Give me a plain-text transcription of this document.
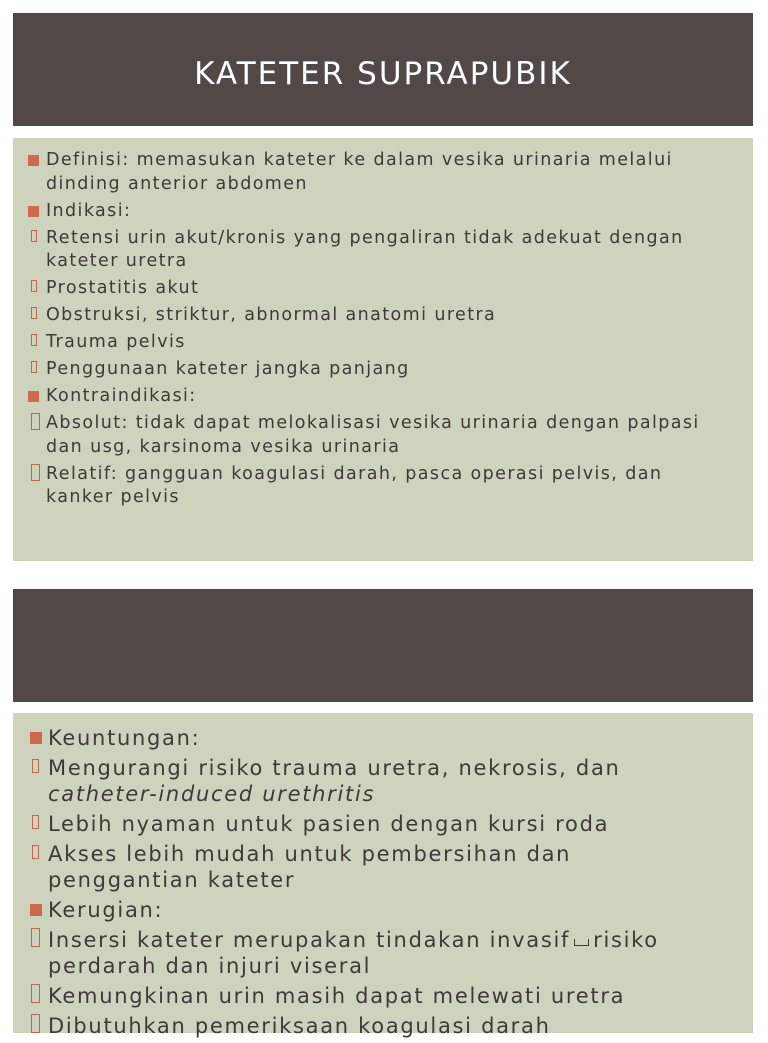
KATETER SUPRAPUBIK
Definisi: memasukan kateter ke dalam vesika urinaria melalui dinding anterior abdomen
Indikasi:
Retensi urin akut/kronis yang pengaliran tidak adekuat dengan kateter uretra
Prostatitis akut
Obstruksi, striktur, abnormal anatomi uretra
Trauma pelvis
Penggunaan kateter jangka panjang
Kontraindikasi:
Absolut: tidak dapat melokalisasi vesika urinaria dengan palpasi dan usg, karsinoma vesika urinaria
Relatif: gangguan koagulasi darah, pasca operasi pelvis, dan kanker pelvis
Keuntungan:
Mengurangi risiko trauma uretra, nekrosis, dan catheter-induced urethritis
Lebih nyaman untuk pasien dengan kursi roda
Akses lebih mudah untuk pembersihan dan penggantian kateter
Kerugian:
Insersi kateter merupakan tindakan invasif risiko perdarah dan injuri viseral
Kemungkinan urin masih dapat melewati uretra
Dibutuhkan pemeriksaan koagulasi darah
